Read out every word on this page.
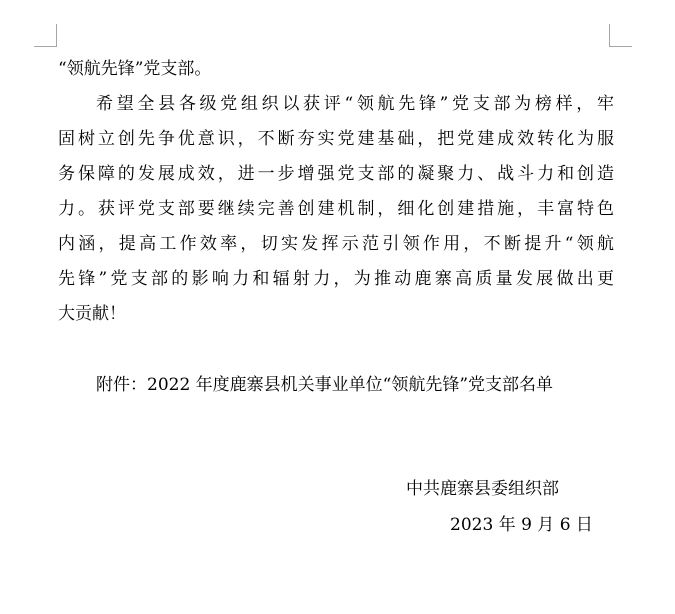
“领航先锋”党支部。
希望全县各级党组织以获评“领航先锋”党支部为榜样，牢
固树立创先争优意识，不断夯实党建基础，把党建成效转化为服
务保障的发展成效，进一步增强党支部的凝聚力、战斗力和创造
力。获评党支部要继续完善创建机制，细化创建措施，丰富特色
内涵，提高工作效率，切实发挥示范引领作用，不断提升“领航
先锋”党支部的影响力和辐射力，为推动鹿寨高质量发展做出更
大贡献！
附件：2022 年度鹿寨县机关事业单位“领航先锋”党支部名单
中共鹿寨县委组织部
2023 年 9 月 6 日
